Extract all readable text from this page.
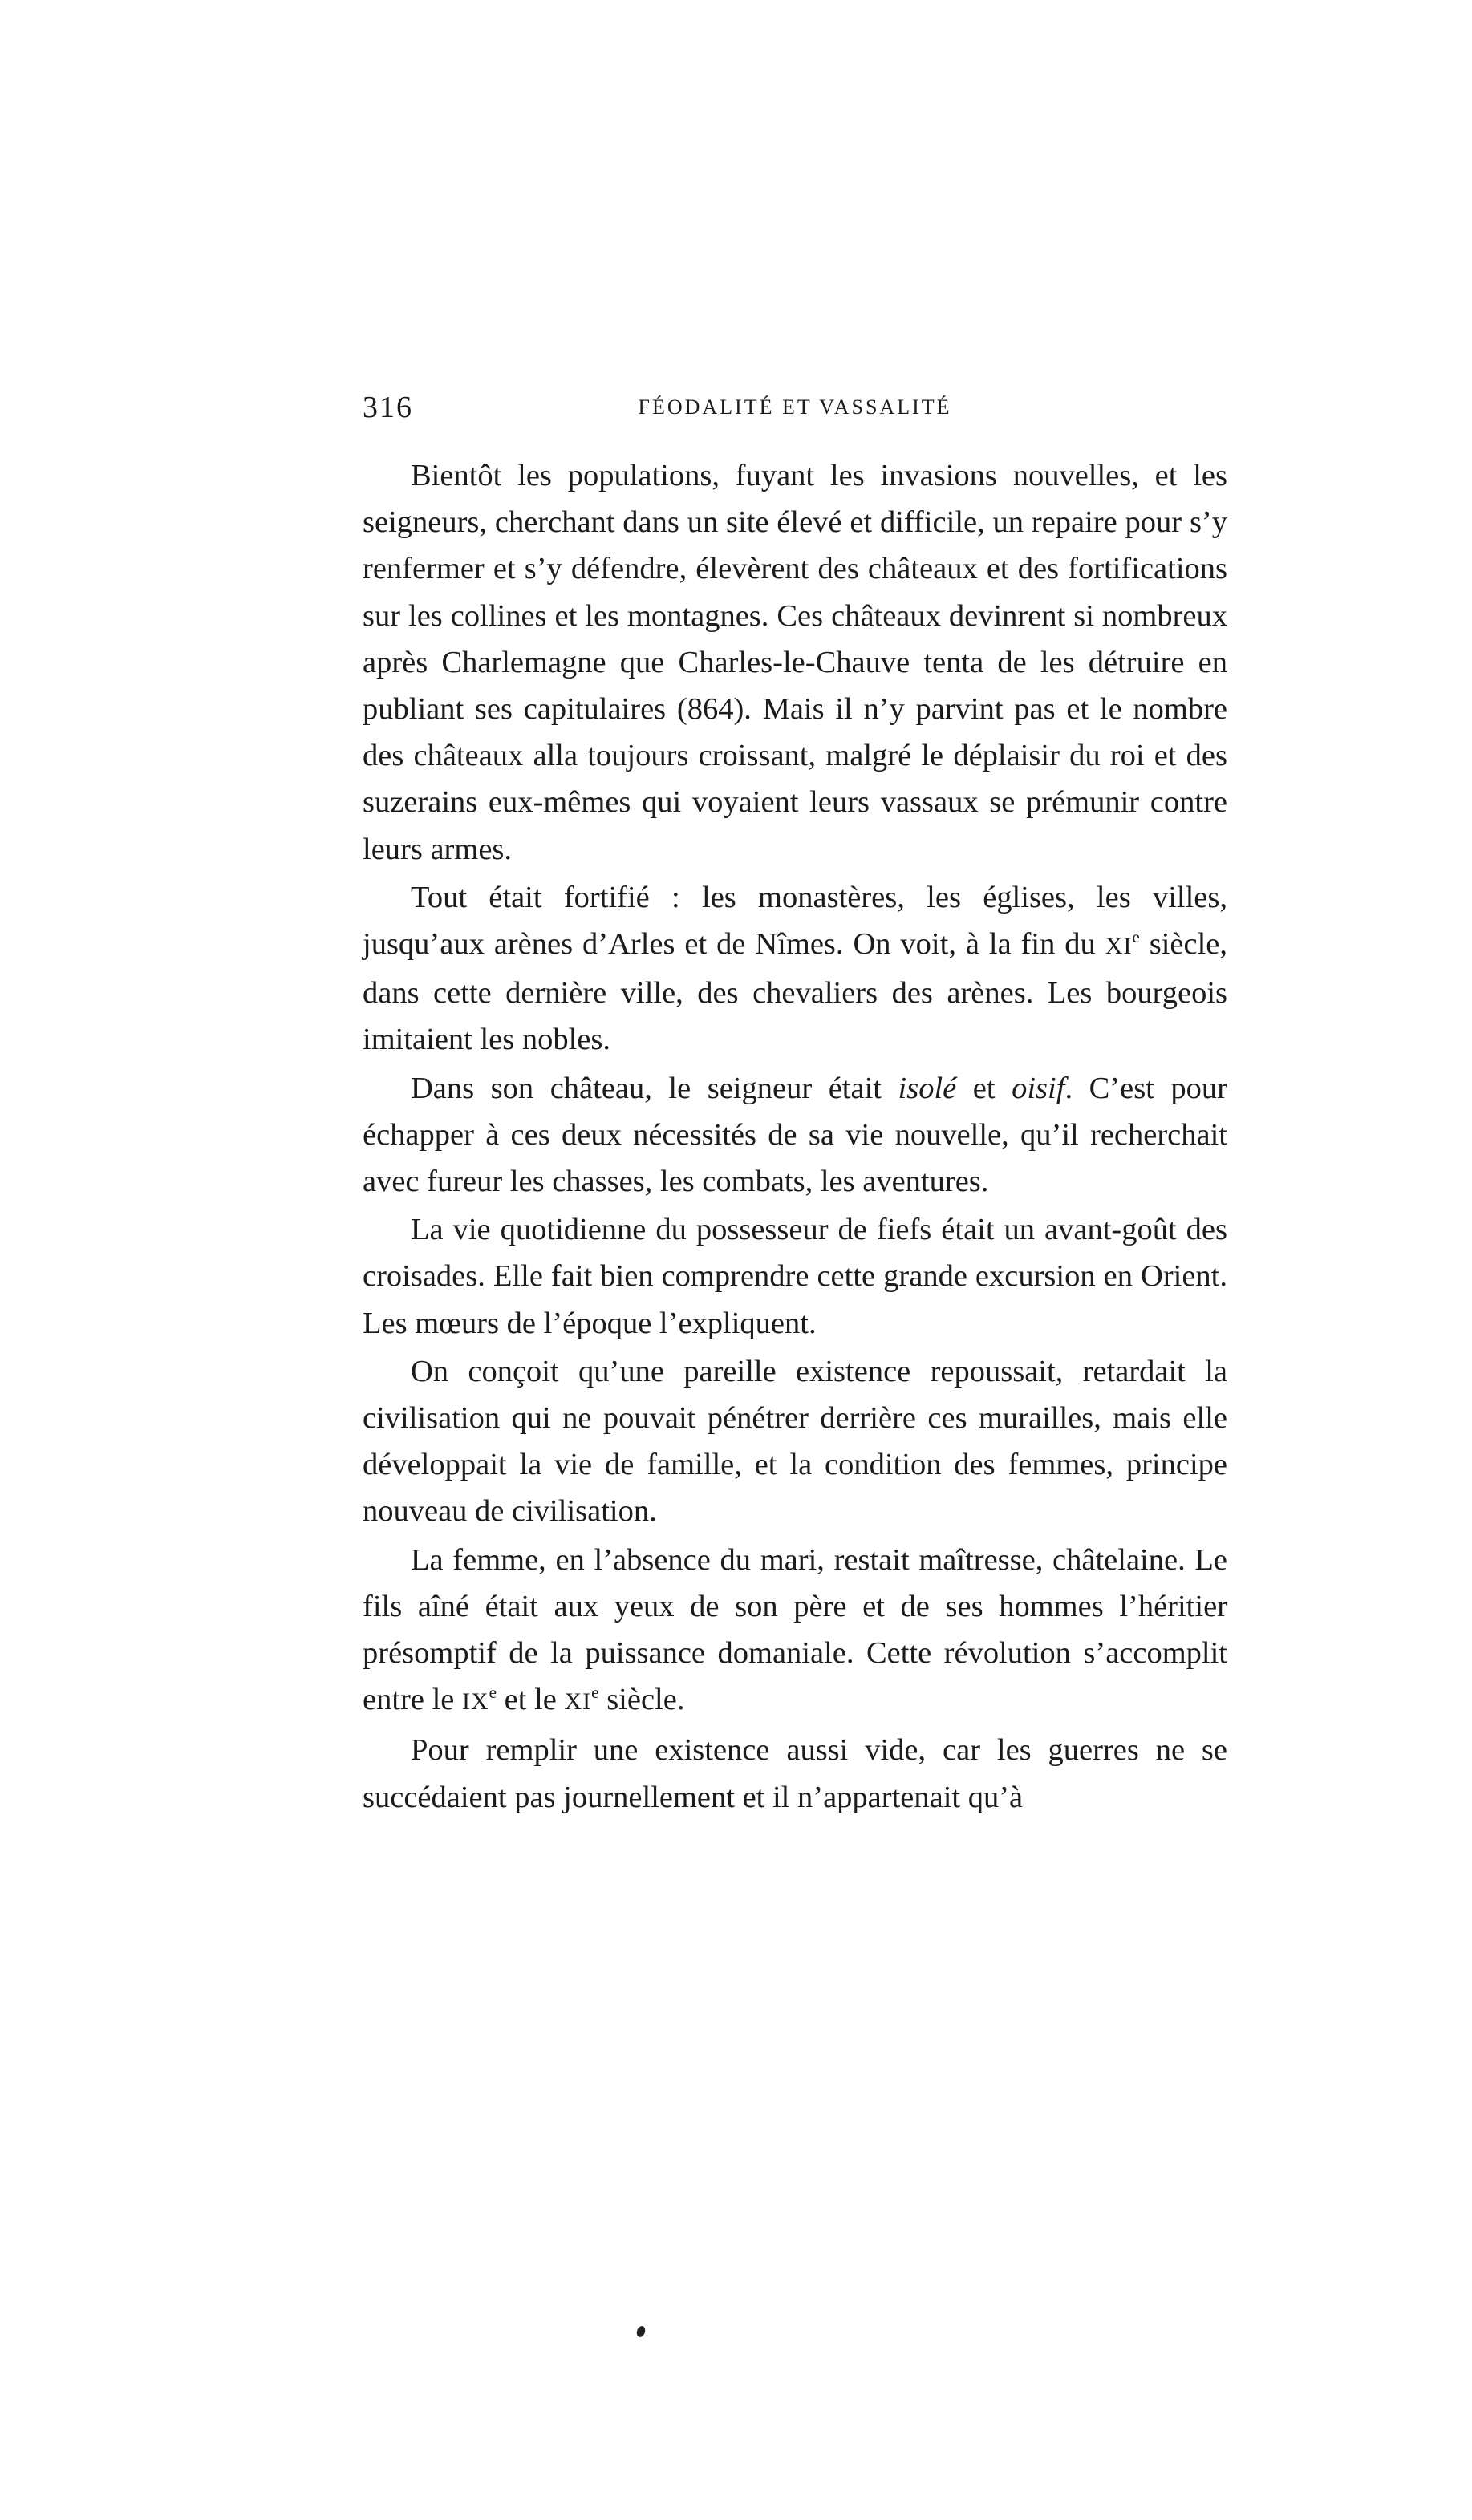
316	FÉODALITÉ ET VASSALITÉ

Bientôt les populations, fuyant les invasions nouvelles, et les seigneurs, cherchant dans un site élevé et difficile, un repaire pour s’y renfermer et s’y défendre, élevèrent des châteaux et des fortifications sur les collines et les montagnes. Ces châteaux devinrent si nombreux après Charlemagne que Charles-le-Chauve tenta de les détruire en publiant ses capitulaires (864). Mais il n’y parvint pas et le nombre des châteaux alla toujours croissant, malgré le déplaisir du roi et des suzerains eux-mêmes qui voyaient leurs vassaux se prémunir contre leurs armes.

Tout était fortifié : les monastères, les églises, les villes, jusqu’aux arènes d’Arles et de Nîmes. On voit, à la fin du XIe siècle, dans cette dernière ville, des chevaliers des arènes. Les bourgeois imitaient les nobles.

Dans son château, le seigneur était isolé et oisif. C’est pour échapper à ces deux nécessités de sa vie nouvelle, qu’il recherchait avec fureur les chasses, les combats, les aventures.

La vie quotidienne du possesseur de fiefs était un avant-goût des croisades. Elle fait bien comprendre cette grande excursion en Orient. Les mœurs de l’époque l’expliquent.

On conçoit qu’une pareille existence repoussait, retardait la civilisation qui ne pouvait pénétrer derrière ces murailles, mais elle développait la vie de famille, et la condition des femmes, principe nouveau de civilisation.

La femme, en l’absence du mari, restait maîtresse, châtelaine. Le fils aîné était aux yeux de son père et de ses hommes l’héritier présomptif de la puissance domaniale. Cette révolution s’accomplit entre le IXe et le XIe siècle.

Pour remplir une existence aussi vide, car les guerres ne se succédaient pas journellement et il n’appartenait qu’à
